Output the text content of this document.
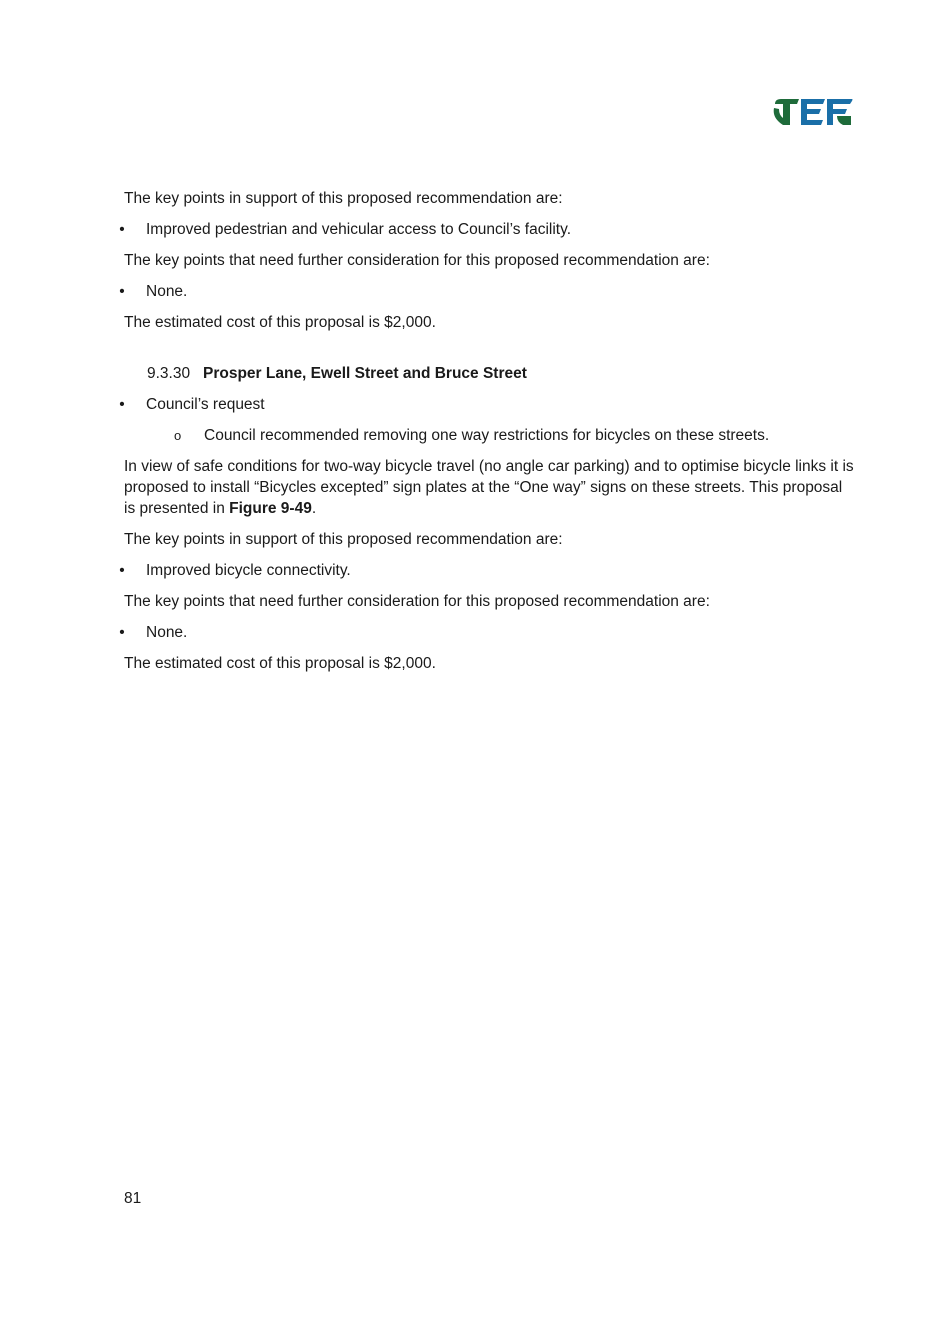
The key points in support of this proposed recommendation are:

• Improved pedestrian and vehicular access to Council’s facility.

The key points that need further consideration for this proposed recommendation are:

• None.

The estimated cost of this proposal is $2,000.

9.3.30 Prosper Lane, Ewell Street and Bruce Street
• Council’s request
o Council recommended removing one way restrictions for bicycles on these streets.

In view of safe conditions for two-way bicycle travel (no angle car parking) and to optimise bicycle links it is proposed to install “Bicycles excepted” sign plates at the “One way” signs on these streets. This proposal is presented in Figure 9-49.

The key points in support of this proposed recommendation are:

• Improved bicycle connectivity.

The key points that need further consideration for this proposed recommendation are:

• None.

The estimated cost of this proposal is $2,000.

81
